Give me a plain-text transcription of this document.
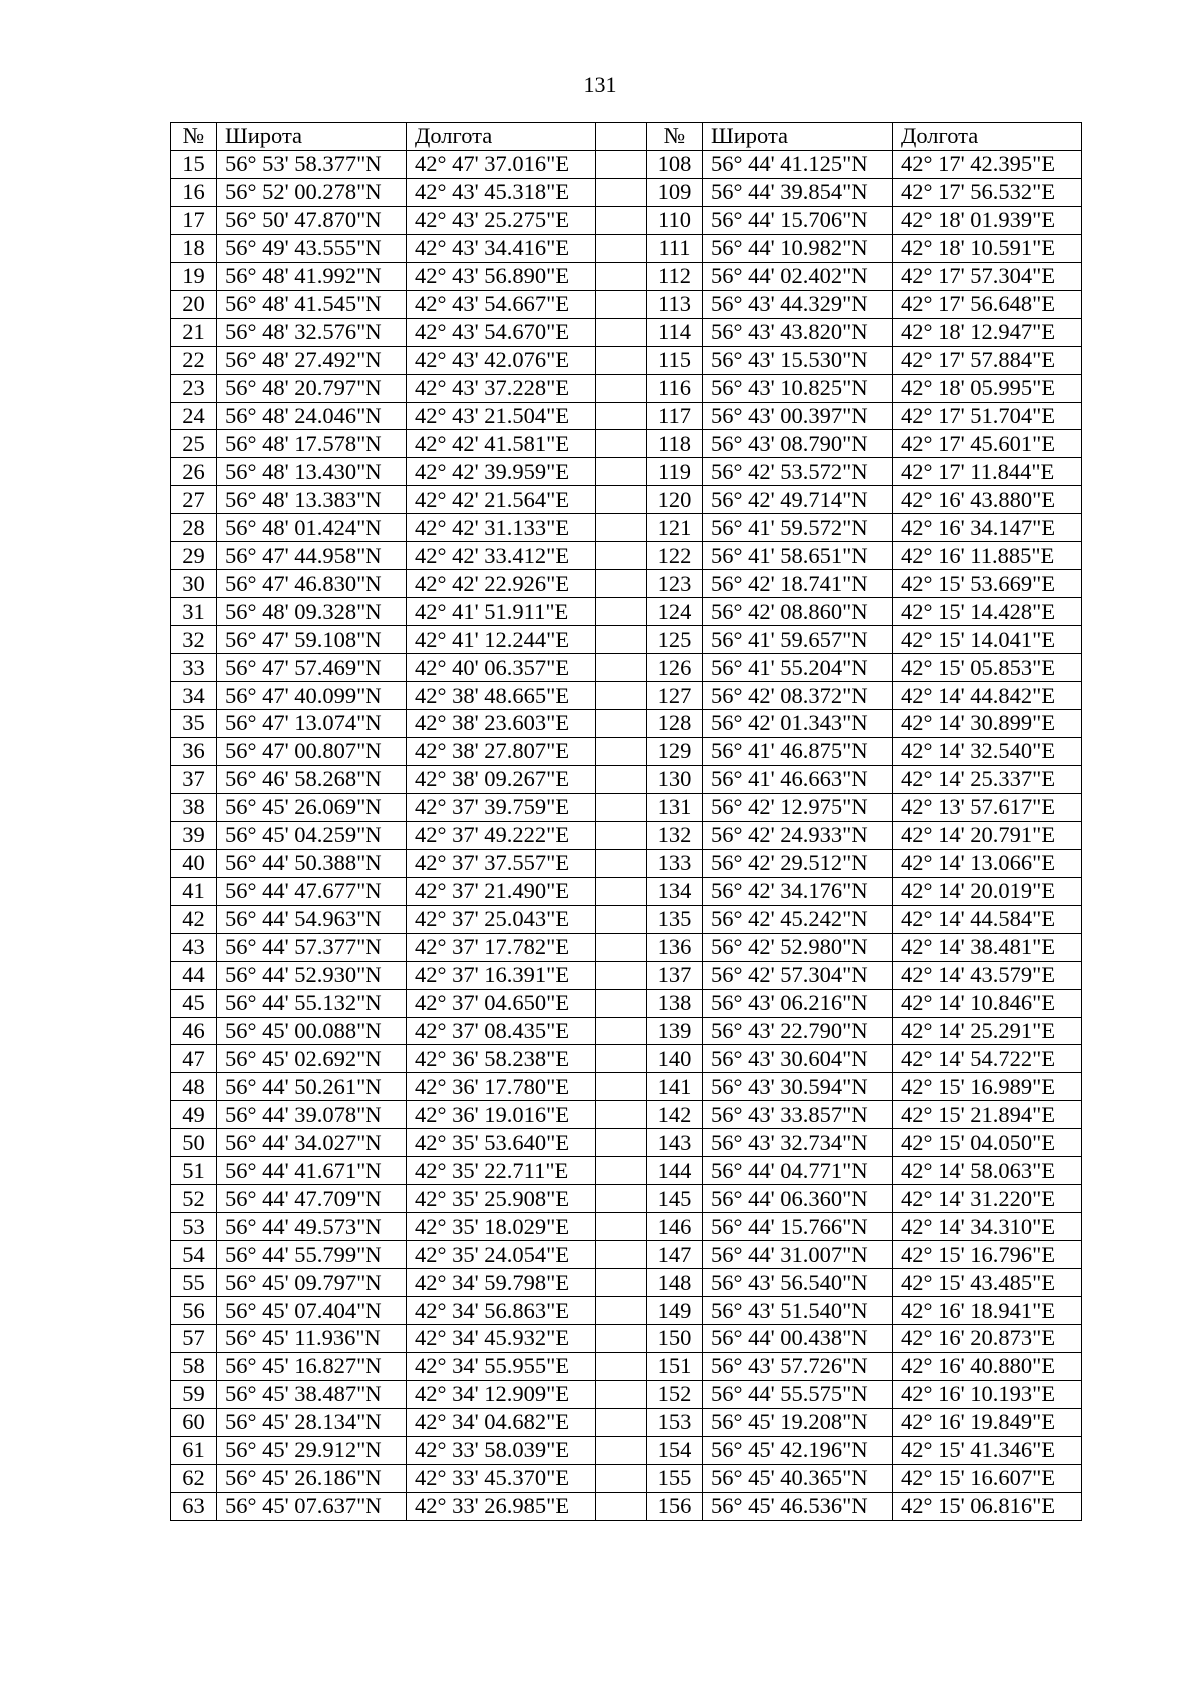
131
№	Широта	Долгота		№	Широта	Долгота
15	56° 53' 58.377"N	42° 47' 37.016"E		108	56° 44' 41.125"N	42° 17' 42.395"E
16	56° 52' 00.278"N	42° 43' 45.318"E		109	56° 44' 39.854"N	42° 17' 56.532"E
17	56° 50' 47.870"N	42° 43' 25.275"E		110	56° 44' 15.706"N	42° 18' 01.939"E
18	56° 49' 43.555"N	42° 43' 34.416"E		111	56° 44' 10.982"N	42° 18' 10.591"E
19	56° 48' 41.992"N	42° 43' 56.890"E		112	56° 44' 02.402"N	42° 17' 57.304"E
20	56° 48' 41.545"N	42° 43' 54.667"E		113	56° 43' 44.329"N	42° 17' 56.648"E
21	56° 48' 32.576"N	42° 43' 54.670"E		114	56° 43' 43.820"N	42° 18' 12.947"E
22	56° 48' 27.492"N	42° 43' 42.076"E		115	56° 43' 15.530"N	42° 17' 57.884"E
23	56° 48' 20.797"N	42° 43' 37.228"E		116	56° 43' 10.825"N	42° 18' 05.995"E
24	56° 48' 24.046"N	42° 43' 21.504"E		117	56° 43' 00.397"N	42° 17' 51.704"E
25	56° 48' 17.578"N	42° 42' 41.581"E		118	56° 43' 08.790"N	42° 17' 45.601"E
26	56° 48' 13.430"N	42° 42' 39.959"E		119	56° 42' 53.572"N	42° 17' 11.844"E
27	56° 48' 13.383"N	42° 42' 21.564"E		120	56° 42' 49.714"N	42° 16' 43.880"E
28	56° 48' 01.424"N	42° 42' 31.133"E		121	56° 41' 59.572"N	42° 16' 34.147"E
29	56° 47' 44.958"N	42° 42' 33.412"E		122	56° 41' 58.651"N	42° 16' 11.885"E
30	56° 47' 46.830"N	42° 42' 22.926"E		123	56° 42' 18.741"N	42° 15' 53.669"E
31	56° 48' 09.328"N	42° 41' 51.911"E		124	56° 42' 08.860"N	42° 15' 14.428"E
32	56° 47' 59.108"N	42° 41' 12.244"E		125	56° 41' 59.657"N	42° 15' 14.041"E
33	56° 47' 57.469"N	42° 40' 06.357"E		126	56° 41' 55.204"N	42° 15' 05.853"E
34	56° 47' 40.099"N	42° 38' 48.665"E		127	56° 42' 08.372"N	42° 14' 44.842"E
35	56° 47' 13.074"N	42° 38' 23.603"E		128	56° 42' 01.343"N	42° 14' 30.899"E
36	56° 47' 00.807"N	42° 38' 27.807"E		129	56° 41' 46.875"N	42° 14' 32.540"E
37	56° 46' 58.268"N	42° 38' 09.267"E		130	56° 41' 46.663"N	42° 14' 25.337"E
38	56° 45' 26.069"N	42° 37' 39.759"E		131	56° 42' 12.975"N	42° 13' 57.617"E
39	56° 45' 04.259"N	42° 37' 49.222"E		132	56° 42' 24.933"N	42° 14' 20.791"E
40	56° 44' 50.388"N	42° 37' 37.557"E		133	56° 42' 29.512"N	42° 14' 13.066"E
41	56° 44' 47.677"N	42° 37' 21.490"E		134	56° 42' 34.176"N	42° 14' 20.019"E
42	56° 44' 54.963"N	42° 37' 25.043"E		135	56° 42' 45.242"N	42° 14' 44.584"E
43	56° 44' 57.377"N	42° 37' 17.782"E		136	56° 42' 52.980"N	42° 14' 38.481"E
44	56° 44' 52.930"N	42° 37' 16.391"E		137	56° 42' 57.304"N	42° 14' 43.579"E
45	56° 44' 55.132"N	42° 37' 04.650"E		138	56° 43' 06.216"N	42° 14' 10.846"E
46	56° 45' 00.088"N	42° 37' 08.435"E		139	56° 43' 22.790"N	42° 14' 25.291"E
47	56° 45' 02.692"N	42° 36' 58.238"E		140	56° 43' 30.604"N	42° 14' 54.722"E
48	56° 44' 50.261"N	42° 36' 17.780"E		141	56° 43' 30.594"N	42° 15' 16.989"E
49	56° 44' 39.078"N	42° 36' 19.016"E		142	56° 43' 33.857"N	42° 15' 21.894"E
50	56° 44' 34.027"N	42° 35' 53.640"E		143	56° 43' 32.734"N	42° 15' 04.050"E
51	56° 44' 41.671"N	42° 35' 22.711"E		144	56° 44' 04.771"N	42° 14' 58.063"E
52	56° 44' 47.709"N	42° 35' 25.908"E		145	56° 44' 06.360"N	42° 14' 31.220"E
53	56° 44' 49.573"N	42° 35' 18.029"E		146	56° 44' 15.766"N	42° 14' 34.310"E
54	56° 44' 55.799"N	42° 35' 24.054"E		147	56° 44' 31.007"N	42° 15' 16.796"E
55	56° 45' 09.797"N	42° 34' 59.798"E		148	56° 43' 56.540"N	42° 15' 43.485"E
56	56° 45' 07.404"N	42° 34' 56.863"E		149	56° 43' 51.540"N	42° 16' 18.941"E
57	56° 45' 11.936"N	42° 34' 45.932"E		150	56° 44' 00.438"N	42° 16' 20.873"E
58	56° 45' 16.827"N	42° 34' 55.955"E		151	56° 43' 57.726"N	42° 16' 40.880"E
59	56° 45' 38.487"N	42° 34' 12.909"E		152	56° 44' 55.575"N	42° 16' 10.193"E
60	56° 45' 28.134"N	42° 34' 04.682"E		153	56° 45' 19.208"N	42° 16' 19.849"E
61	56° 45' 29.912"N	42° 33' 58.039"E		154	56° 45' 42.196"N	42° 15' 41.346"E
62	56° 45' 26.186"N	42° 33' 45.370"E		155	56° 45' 40.365"N	42° 15' 16.607"E
63	56° 45' 07.637"N	42° 33' 26.985"E		156	56° 45' 46.536"N	42° 15' 06.816"E
